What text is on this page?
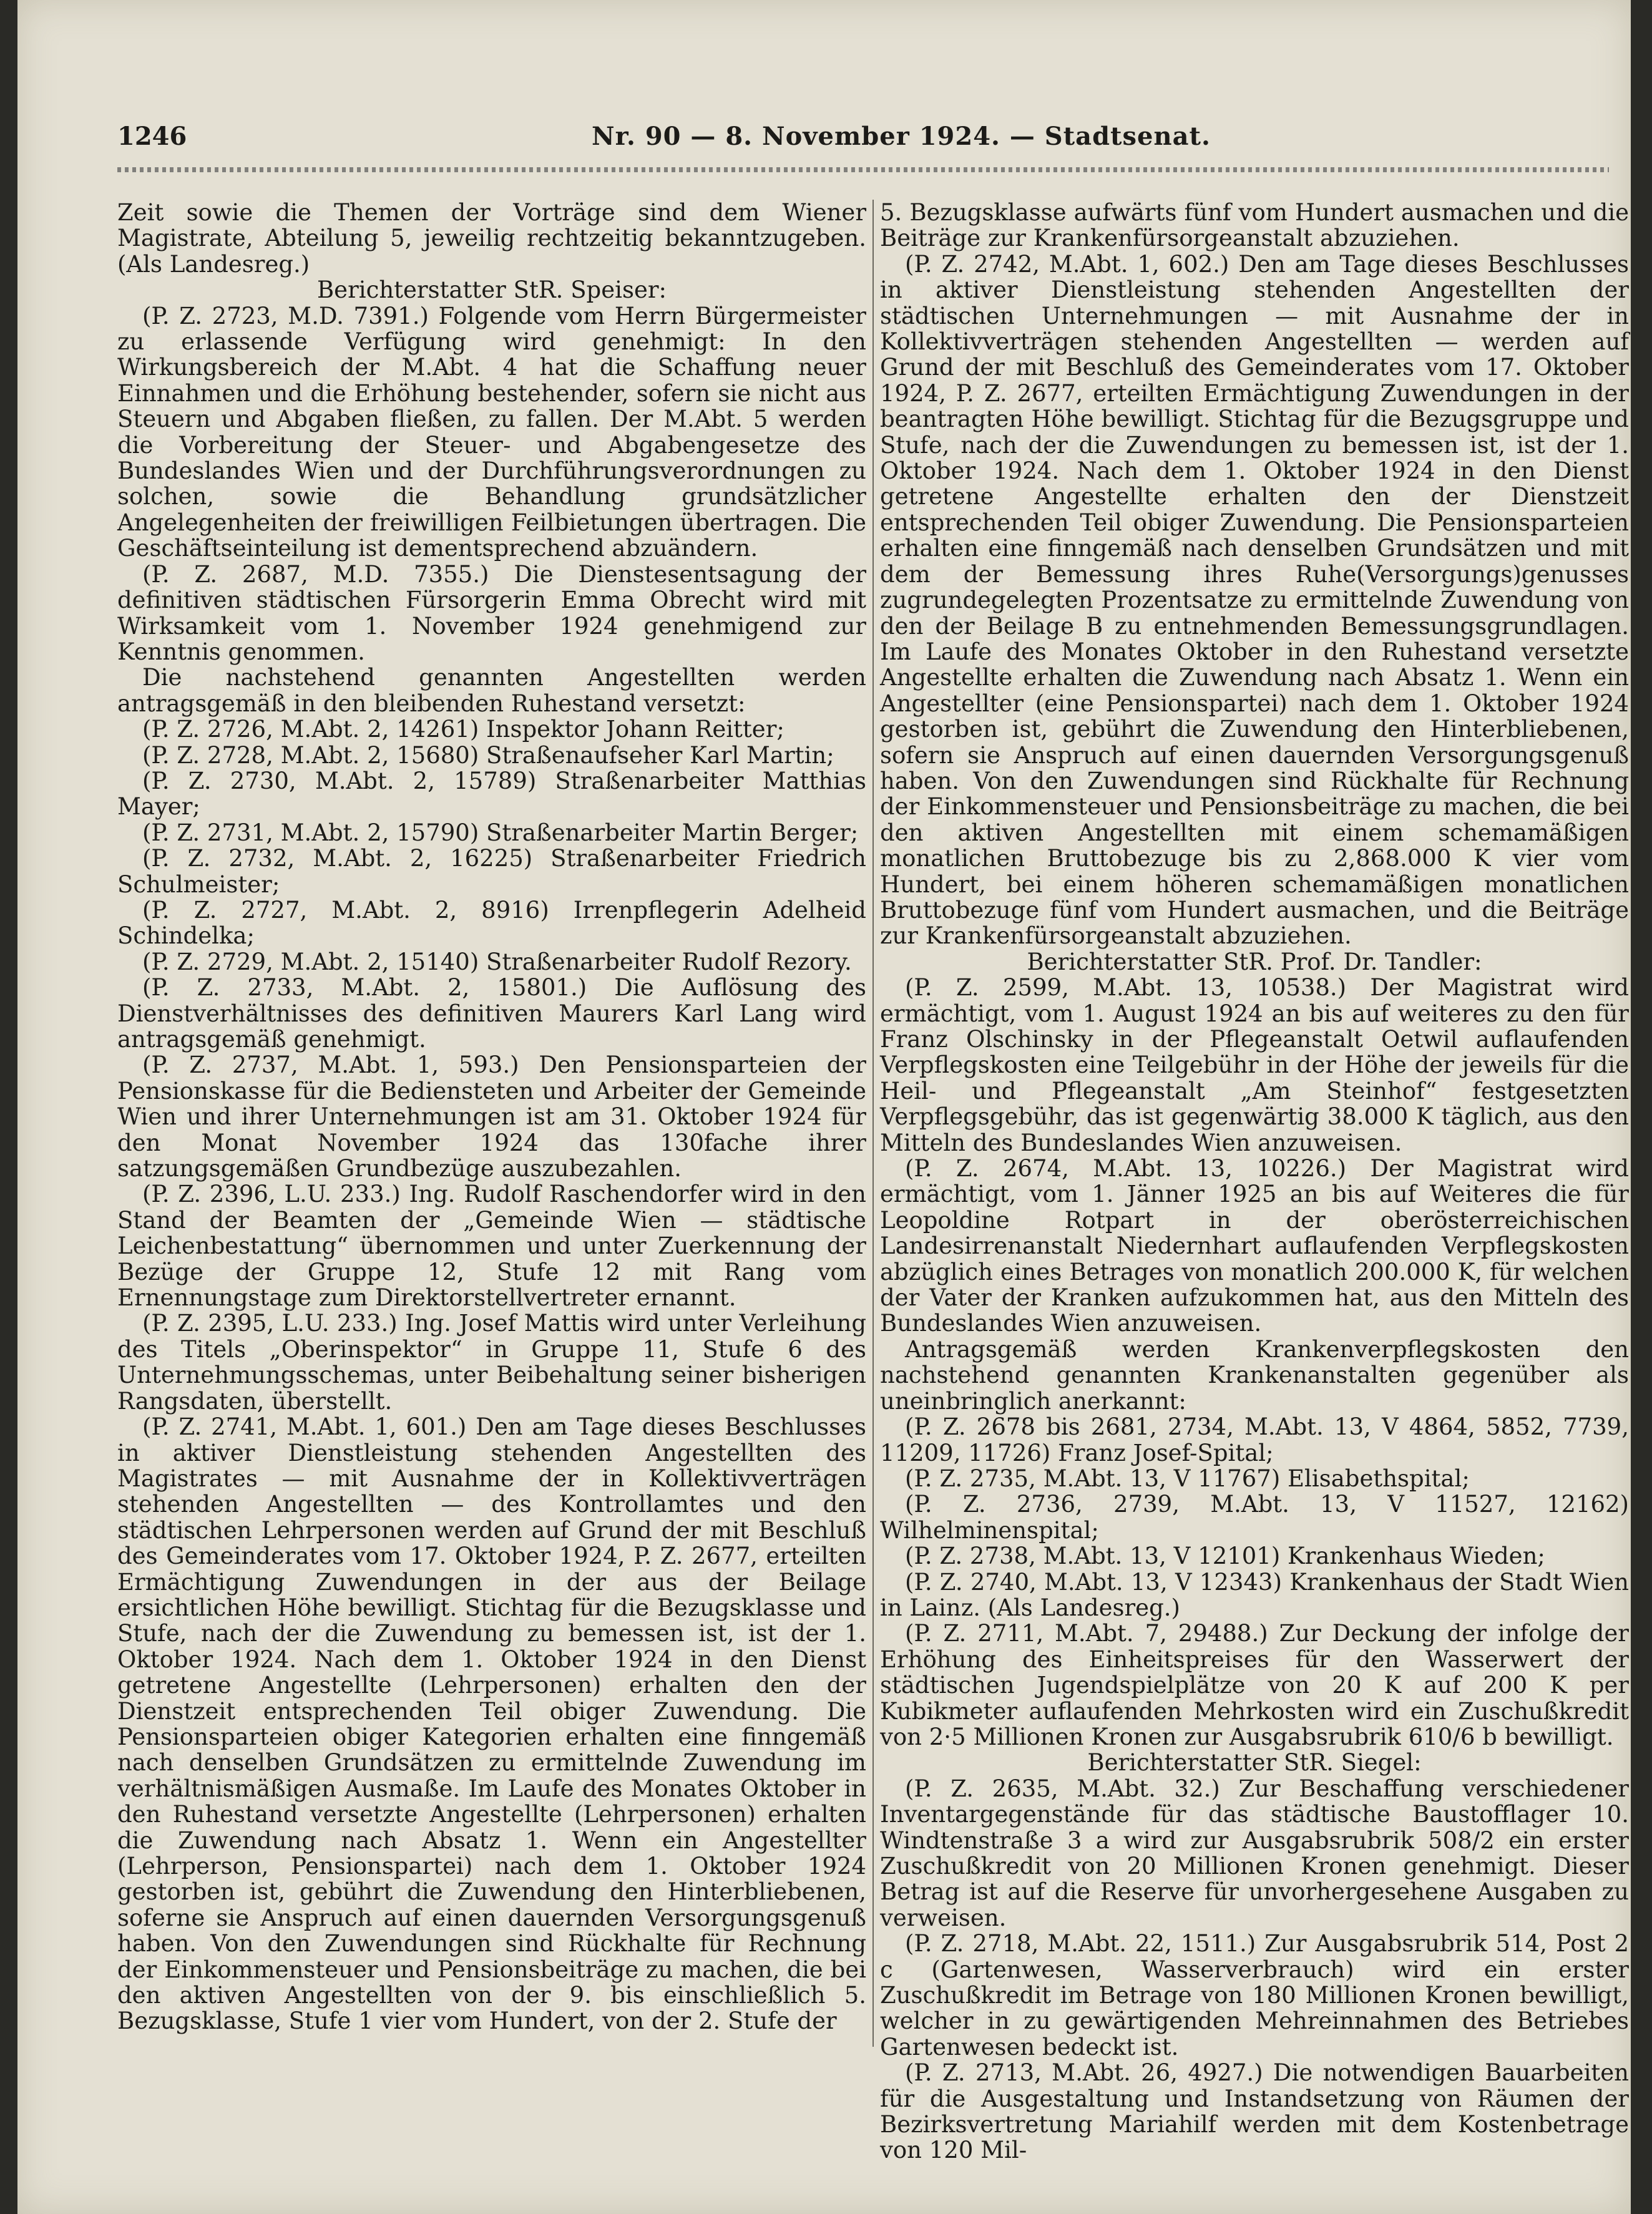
1246	Nr. 90 — 8. November 1924. — Stadtsenat.

Zeit sowie die Themen der Vorträge sind dem Wiener Magistrate, Abteilung 5, jeweilig rechtzeitig bekanntzugeben. (Als Landesreg.)

Berichterstatter StR. Speiser:

(P. Z. 2723, M.D. 7391.) Folgende vom Herrn Bürgermeister zu erlassende Verfügung wird genehmigt: In den Wirkungsbereich der M.Abt. 4 hat die Schaffung neuer Einnahmen und die Erhöhung bestehender, sofern sie nicht aus Steuern und Abgaben fließen, zu fallen. Der M.Abt. 5 werden die Vorbereitung der Steuer- und Abgabengesetze des Bundeslandes Wien und der Durchführungsverordnungen zu solchen, sowie die Behandlung grundsätzlicher Angelegenheiten der freiwilligen Feilbietungen übertragen. Die Geschäftseinteilung ist dementsprechend abzuändern.

(P. Z. 2687, M.D. 7355.) Die Dienstesentsagung der definitiven städtischen Fürsorgerin Emma Obrecht wird mit Wirksamkeit vom 1. November 1924 genehmigend zur Kenntnis genommen.

Die nachstehend genannten Angestellten werden antragsgemäß in den bleibenden Ruhestand versetzt:

(P. Z. 2726, M.Abt. 2, 14261) Inspektor Johann Reitter;

(P. Z. 2728, M.Abt. 2, 15680) Straßenaufseher Karl Martin;

(P. Z. 2730, M.Abt. 2, 15789) Straßenarbeiter Matthias Mayer;

(P. Z. 2731, M.Abt. 2, 15790) Straßenarbeiter Martin Berger;

(P. Z. 2732, M.Abt. 2, 16225) Straßenarbeiter Friedrich Schulmeister;

(P. Z. 2727, M.Abt. 2, 8916) Irrenpflegerin Adelheid Schindelka;

(P. Z. 2729, M.Abt. 2, 15140) Straßenarbeiter Rudolf Rezory.

(P. Z. 2733, M.Abt. 2, 15801.) Die Auflösung des Dienstverhältnisses des definitiven Maurers Karl Lang wird antragsgemäß genehmigt.

(P. Z. 2737, M.Abt. 1, 593.) Den Pensionsparteien der Pensionskasse für die Bediensteten und Arbeiter der Gemeinde Wien und ihrer Unternehmungen ist am 31. Oktober 1924 für den Monat November 1924 das 130fache ihrer satzungsgemäßen Grundbezüge auszubezahlen.

(P. Z. 2396, L.U. 233.) Ing. Rudolf Raschendorfer wird in den Stand der Beamten der „Gemeinde Wien — städtische Leichenbestattung“ übernommen und unter Zuerkennung der Bezüge der Gruppe 12, Stufe 12 mit Rang vom Ernennungstage zum Direktorstellvertreter ernannt.

(P. Z. 2395, L.U. 233.) Ing. Josef Mattis wird unter Verleihung des Titels „Oberinspektor“ in Gruppe 11, Stufe 6 des Unternehmungsschemas, unter Beibehaltung seiner bisherigen Rangsdaten, überstellt.

(P. Z. 2741, M.Abt. 1, 601.) Den am Tage dieses Beschlusses in aktiver Dienstleistung stehenden Angestellten des Magistrates — mit Ausnahme der in Kollektivverträgen stehenden Angestellten — des Kontrollamtes und den städtischen Lehrpersonen werden auf Grund der mit Beschluß des Gemeinderates vom 17. Oktober 1924, P. Z. 2677, erteilten Ermächtigung Zuwendungen in der aus der Beilage ersichtlichen Höhe bewilligt. Stichtag für die Bezugsklasse und Stufe, nach der die Zuwendung zu bemessen ist, ist der 1. Oktober 1924. Nach dem 1. Oktober 1924 in den Dienst getretene Angestellte (Lehrpersonen) erhalten den der Dienstzeit entsprechenden Teil obiger Zuwendung. Die Pensionsparteien obiger Kategorien erhalten eine finngemäß nach denselben Grundsätzen zu ermittelnde Zuwendung im verhältnismäßigen Ausmaße. Im Laufe des Monates Oktober in den Ruhestand versetzte Angestellte (Lehrpersonen) erhalten die Zuwendung nach Absatz 1. Wenn ein Angestellter (Lehrperson, Pensionspartei) nach dem 1. Oktober 1924 gestorben ist, gebührt die Zuwendung den Hinterbliebenen, soferne sie Anspruch auf einen dauernden Versorgungsgenuß haben. Von den Zuwendungen sind Rückhalte für Rechnung der Einkommensteuer und Pensionsbeiträge zu machen, die bei den aktiven Angestellten von der 9. bis einschließlich 5. Bezugsklasse, Stufe 1 vier vom Hundert, von der 2. Stufe der

5. Bezugsklasse aufwärts fünf vom Hundert ausmachen und die Beiträge zur Krankenfürsorgeanstalt abzuziehen.

(P. Z. 2742, M.Abt. 1, 602.) Den am Tage dieses Beschlusses in aktiver Dienstleistung stehenden Angestellten der städtischen Unternehmungen — mit Ausnahme der in Kollektivverträgen stehenden Angestellten — werden auf Grund der mit Beschluß des Gemeinderates vom 17. Oktober 1924, P. Z. 2677, erteilten Ermächtigung Zuwendungen in der beantragten Höhe bewilligt. Stichtag für die Bezugsgruppe und Stufe, nach der die Zuwendungen zu bemessen ist, ist der 1. Oktober 1924. Nach dem 1. Oktober 1924 in den Dienst getretene Angestellte erhalten den der Dienstzeit entsprechenden Teil obiger Zuwendung. Die Pensionsparteien erhalten eine finngemäß nach denselben Grundsätzen und mit dem der Bemessung ihres Ruhe(Versorgungs)genusses zugrundegelegten Prozentsatze zu ermittelnde Zuwendung von den der Beilage B zu entnehmenden Bemessungsgrundlagen. Im Laufe des Monates Oktober in den Ruhestand versetzte Angestellte erhalten die Zuwendung nach Absatz 1. Wenn ein Angestellter (eine Pensionspartei) nach dem 1. Oktober 1924 gestorben ist, gebührt die Zuwendung den Hinterbliebenen, sofern sie Anspruch auf einen dauernden Versorgungsgenuß haben. Von den Zuwendungen sind Rückhalte für Rechnung der Einkommensteuer und Pensionsbeiträge zu machen, die bei den aktiven Angestellten mit einem schemamäßigen monatlichen Bruttobezuge bis zu 2,868.000 K vier vom Hundert, bei einem höheren schemamäßigen monatlichen Bruttobezuge fünf vom Hundert ausmachen, und die Beiträge zur Krankenfürsorgeanstalt abzuziehen.

Berichterstatter StR. Prof. Dr. Tandler:

(P. Z. 2599, M.Abt. 13, 10538.) Der Magistrat wird ermächtigt, vom 1. August 1924 an bis auf weiteres zu den für Franz Olschinsky in der Pflegeanstalt Oetwil auflaufenden Verpflegskosten eine Teilgebühr in der Höhe der jeweils für die Heil- und Pflegeanstalt „Am Steinhof“ festgesetzten Verpflegsgebühr, das ist gegenwärtig 38.000 K täglich, aus den Mitteln des Bundeslandes Wien anzuweisen.

(P. Z. 2674, M.Abt. 13, 10226.) Der Magistrat wird ermächtigt, vom 1. Jänner 1925 an bis auf Weiteres die für Leopoldine Rotpart in der oberösterreichischen Landesirrenanstalt Niedernhart auflaufenden Verpflegskosten abzüglich eines Betrages von monatlich 200.000 K, für welchen der Vater der Kranken aufzukommen hat, aus den Mitteln des Bundeslandes Wien anzuweisen.

Antragsgemäß werden Krankenverpflegskosten den nachstehend genannten Krankenanstalten gegenüber als uneinbringlich anerkannt:

(P. Z. 2678 bis 2681, 2734, M.Abt. 13, V 4864, 5852, 7739, 11209, 11726) Franz Josef-Spital;

(P. Z. 2735, M.Abt. 13, V 11767) Elisabethspital;

(P. Z. 2736, 2739, M.Abt. 13, V 11527, 12162) Wilhelminenspital;

(P. Z. 2738, M.Abt. 13, V 12101) Krankenhaus Wieden;

(P. Z. 2740, M.Abt. 13, V 12343) Krankenhaus der Stadt Wien in Lainz. (Als Landesreg.)

(P. Z. 2711, M.Abt. 7, 29488.) Zur Deckung der infolge der Erhöhung des Einheitspreises für den Wasserwert der städtischen Jugendspielplätze von 20 K auf 200 K per Kubikmeter auflaufenden Mehrkosten wird ein Zuschußkredit von 2·5 Millionen Kronen zur Ausgabsrubrik 610/6 b bewilligt.

Berichterstatter StR. Siegel:

(P. Z. 2635, M.Abt. 32.) Zur Beschaffung verschiedener Inventargegenstände für das städtische Baustofflager 10. Windtenstraße 3 a wird zur Ausgabsrubrik 508/2 ein erster Zuschußkredit von 20 Millionen Kronen genehmigt. Dieser Betrag ist auf die Reserve für unvorhergesehene Ausgaben zu verweisen.

(P. Z. 2718, M.Abt. 22, 1511.) Zur Ausgabsrubrik 514, Post 2 c (Gartenwesen, Wasserverbrauch) wird ein erster Zuschußkredit im Betrage von 180 Millionen Kronen bewilligt, welcher in zu gewärtigenden Mehreinnahmen des Betriebes Gartenwesen bedeckt ist.

(P. Z. 2713, M.Abt. 26, 4927.) Die notwendigen Bauarbeiten für die Ausgestaltung und Instandsetzung von Räumen der Bezirksvertretung Mariahilf werden mit dem Kostenbetrage von 120 Mil-
